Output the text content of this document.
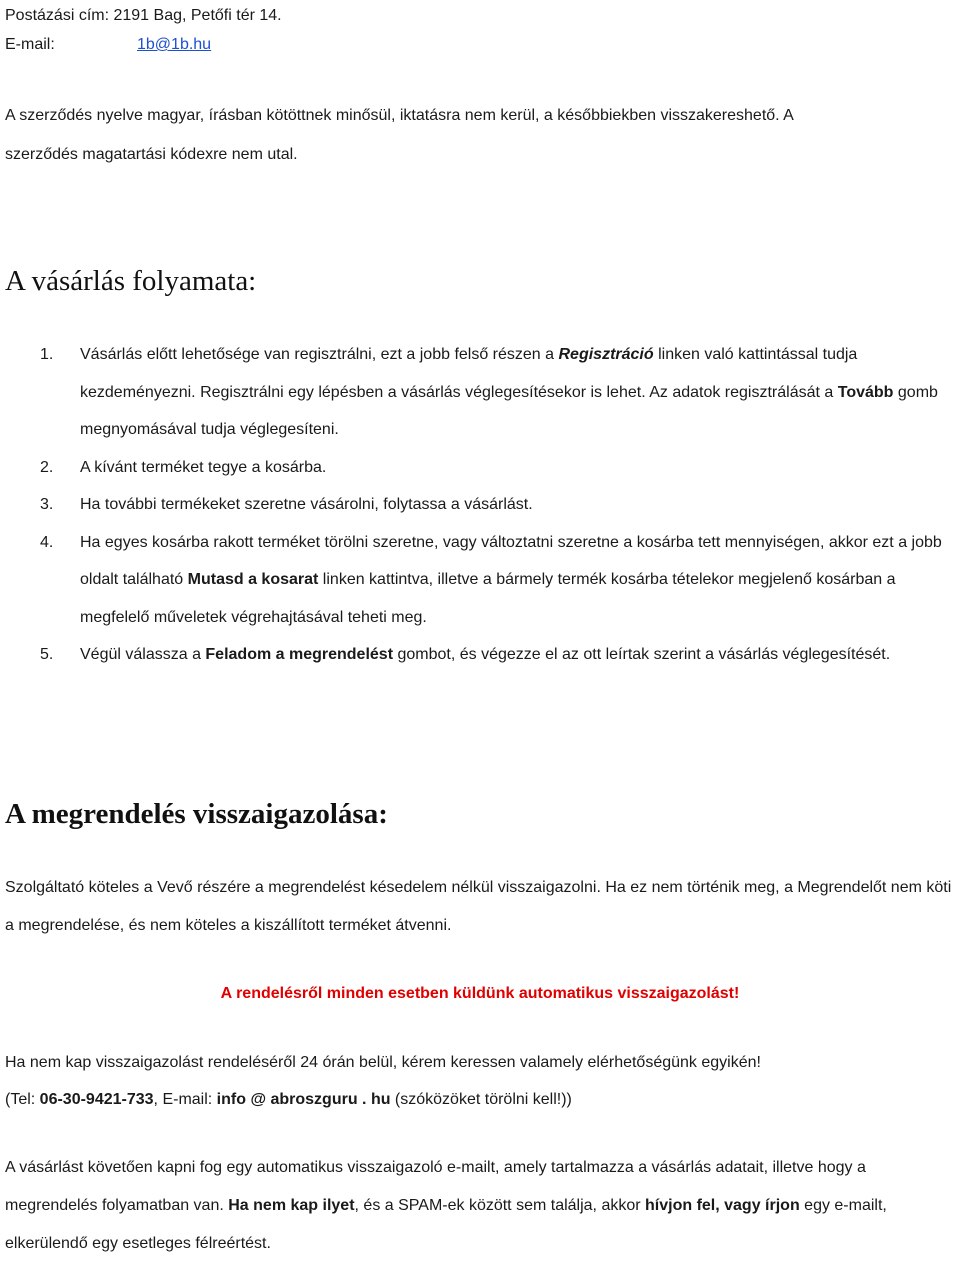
Postázási cím: 2191 Bag, Petőfi tér 14.
E-mail:	1b@1b.hu
A szerződés nyelve magyar, írásban kötöttnek minősül, iktatásra nem kerül, a későbbiekben visszakereshető. A
szerződés magatartási kódexre nem utal.
A vásárlás folyamata:
1. Vásárlás előtt lehetősége van regisztrálni, ezt a jobb felső részen a Regisztráció linken való kattintással tudja kezdeményezni. Regisztrálni egy lépésben a vásárlás véglegesítésekor is lehet. Az adatok regisztrálását a Tovább gomb megnyomásával tudja véglegesíteni.
2. A kívánt terméket tegye a kosárba.
3. Ha további termékeket szeretne vásárolni, folytassa a vásárlást.
4. Ha egyes kosárba rakott terméket törölni szeretne, vagy változtatni szeretne a kosárba tett mennyiségen, akkor ezt a jobb oldalt található Mutasd a kosarat linken kattintva, illetve a bármely termék kosárba tételekor megjelenő kosárban a megfelelő műveletek végrehajtásával teheti meg.
5. Végül válassza a Feladom a megrendelést gombot, és végezze el az ott leírtak szerint a vásárlás véglegesítését.
A megrendelés visszaigazolása:

Szolgáltató köteles a Vevő részére a megrendelést késedelem nélkül visszaigazolni. Ha ez nem történik meg, a Megrendelőt nem köti a megrendelése, és nem köteles a kiszállított terméket átvenni.

A rendelésről minden esetben küldünk automatikus visszaigazolást!
Ha nem kap visszaigazolást rendeléséről 24 órán belül, kérem keressen valamely elérhetőségünk egyikén!
(Tel: 06-30-9421-733, E-mail: info @ abroszguru . hu (szóközöket törölni kell!))

A vásárlást követően kapni fog egy automatikus visszaigazoló e-mailt, amely tartalmazza a vásárlás adatait, illetve hogy a megrendelés folyamatban van. Ha nem kap ilyet, és a SPAM-ek között sem találja, akkor hívjon fel, vagy írjon egy e-mailt, elkerülendő egy esetleges félreértést.
